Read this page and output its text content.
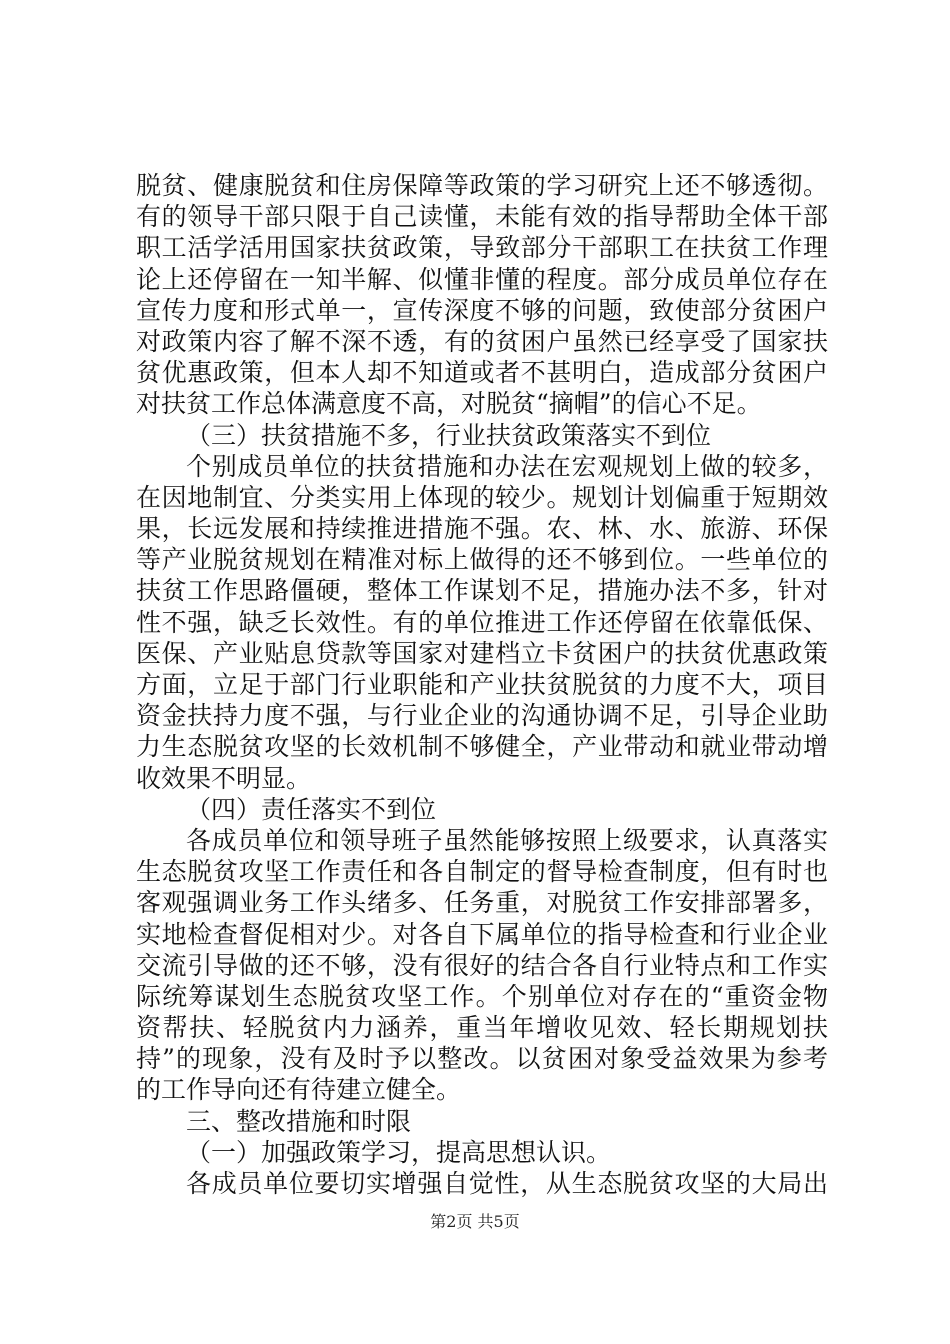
脱贫、健康脱贫和住房保障等政策的学习研究上还不够透彻。
有的领导干部只限于自己读懂，未能有效的指导帮助全体干部
职工活学活用国家扶贫政策，导致部分干部职工在扶贫工作理
论上还停留在一知半解、似懂非懂的程度。部分成员单位存在
宣传力度和形式单一，宣传深度不够的问题，致使部分贫困户
对政策内容了解不深不透，有的贫困户虽然已经享受了国家扶
贫优惠政策，但本人却不知道或者不甚明白，造成部分贫困户
对扶贫工作总体满意度不高，对脱贫“摘帽”的信心不足。
（三）扶贫措施不多，行业扶贫政策落实不到位
个别成员单位的扶贫措施和办法在宏观规划上做的较多，
在因地制宜、分类实用上体现的较少。规划计划偏重于短期效
果，长远发展和持续推进措施不强。农、林、水、旅游、环保
等产业脱贫规划在精准对标上做得的还不够到位。一些单位的
扶贫工作思路僵硬，整体工作谋划不足，措施办法不多，针对
性不强，缺乏长效性。有的单位推进工作还停留在依靠低保、
医保、产业贴息贷款等国家对建档立卡贫困户的扶贫优惠政策
方面，立足于部门行业职能和产业扶贫脱贫的力度不大，项目
资金扶持力度不强，与行业企业的沟通协调不足，引导企业助
力生态脱贫攻坚的长效机制不够健全，产业带动和就业带动增
收效果不明显。
（四）责任落实不到位
各成员单位和领导班子虽然能够按照上级要求，认真落实
生态脱贫攻坚工作责任和各自制定的督导检查制度，但有时也
客观强调业务工作头绪多、任务重，对脱贫工作安排部署多，
实地检查督促相对少。对各自下属单位的指导检查和行业企业
交流引导做的还不够，没有很好的结合各自行业特点和工作实
际统筹谋划生态脱贫攻坚工作。个别单位对存在的“重资金物
资帮扶、轻脱贫内力涵养，重当年增收见效、轻长期规划扶
持”的现象，没有及时予以整改。以贫困对象受益效果为参考
的工作导向还有待建立健全。
三、整改措施和时限
（一）加强政策学习，提高思想认识。
各成员单位要切实增强自觉性，从生态脱贫攻坚的大局出
第2页 共5页
